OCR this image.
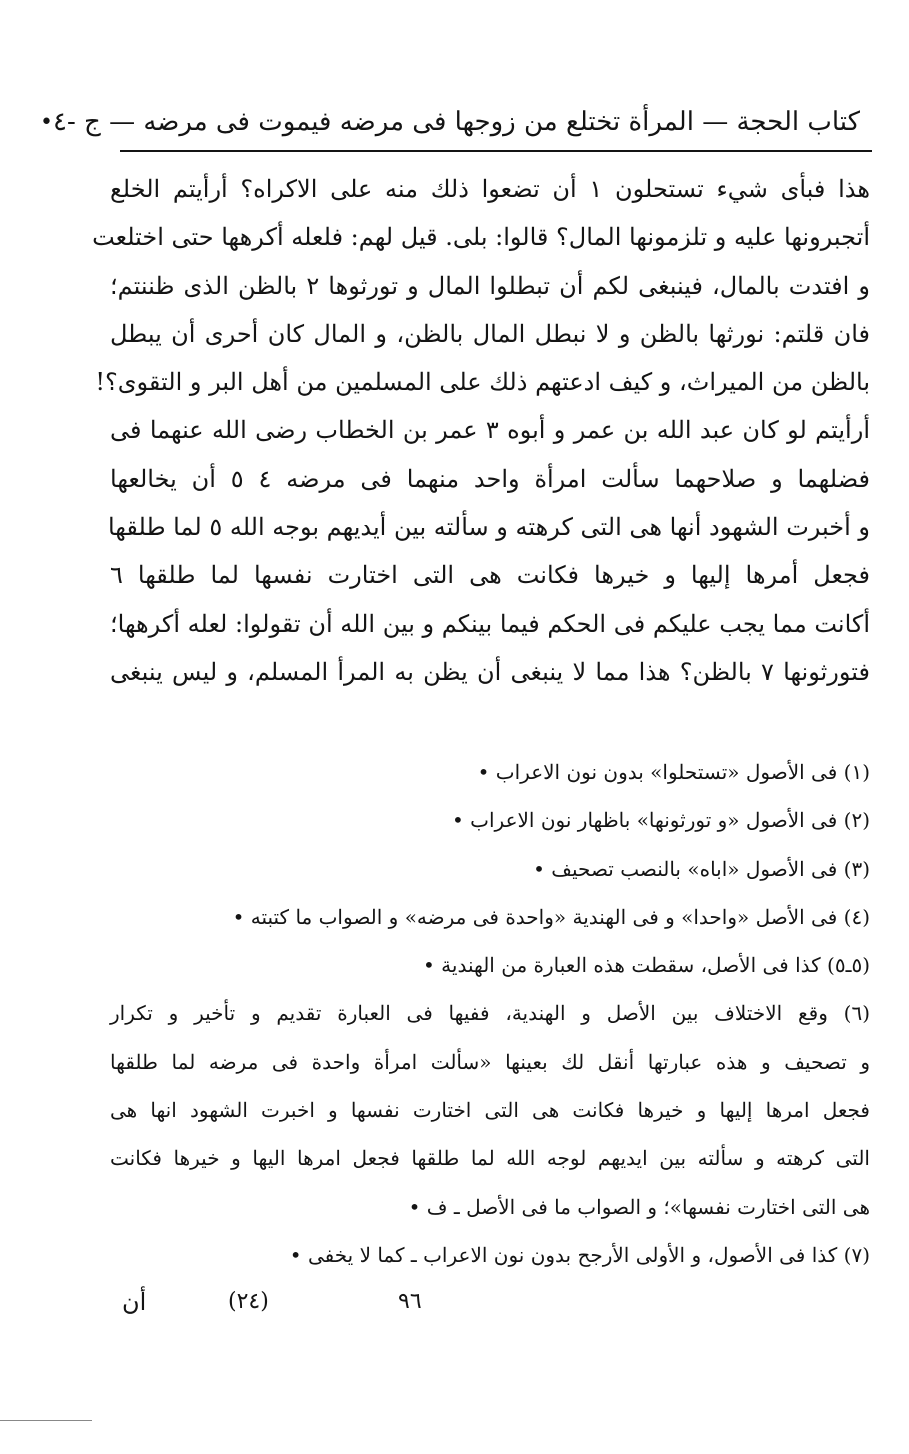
• كتاب الحجة — المرأة تختلع من زوجها فى مرضه فيموت فى مرضه — ج -٤
هذا فبأى شيء تستحلون ١ أن تضعوا ذلك منه على الاكراه؟ أرأيتم الخلع
أتجبرونها عليه و تلزمونها المال؟ قالوا: بلى. قيل لهم: فلعله أكرهها حتى اختلعت
و افتدت بالمال، فينبغى لكم أن تبطلوا المال و تورثوها ٢ بالظن الذى ظننتم؛
فان قلتم: نورثها بالظن و لا نبطل المال بالظن، و المال كان أحرى أن يبطل
بالظن من الميراث، و كيف ادعتهم ذلك على المسلمين من أهل البر و التقوى؟!
أرأيتم لو كان عبد الله بن عمر و أبوه ٣ عمر بن الخطاب رضى الله عنهما فى
فضلهما و صلاحهما سألت امرأة واحد منهما فى مرضه ٤ ٥ أن يخالعها
و أخبرت الشهود أنها هى التى كرهته و سألته بين أيديهم بوجه الله ٥ لما طلقها
فجعل أمرها إليها و خيرها فكانت هى التى اختارت نفسها لما طلقها ٦
أكانت مما يجب عليكم فى الحكم فيما بينكم و بين الله أن تقولوا: لعله أكرهها؛
فتورثونها ٧ بالظن؟ هذا مما لا ينبغى أن يظن به المرأ المسلم، و ليس ينبغى
(١) فى الأصول «تستحلوا» بدون نون الاعراب •
(٢) فى الأصول «و تورثونها» باظهار نون الاعراب •
(٣) فى الأصول «اباه» بالنصب تصحيف •
(٤) فى الأصل «واحدا» و فى الهندية «واحدة فى مرضه» و الصواب ما كتبته •
(٥ـ٥) كذا فى الأصل، سقطت هذه العبارة من الهندية •
(٦) وقع الاختلاف بين الأصل و الهندية، ففيها فى العبارة تقديم و تأخير و تكرار
و تصحيف و هذه عبارتها أنقل لك بعينها «سألت امرأة واحدة فى مرضه لما طلقها
فجعل امرها إليها و خيرها فكانت هى التى اختارت نفسها و اخبرت الشهود انها هى
التى كرهته و سألته بين ايديهم لوجه الله لما طلقها فجعل امرها اليها و خيرها فكانت
هى التى اختارت نفسها»؛ و الصواب ما فى الأصل ـ ف •
(٧) كذا فى الأصول، و الأولى الأرجح بدون نون الاعراب ـ كما لا يخفى •
أن	(٢٤)	٩٦
